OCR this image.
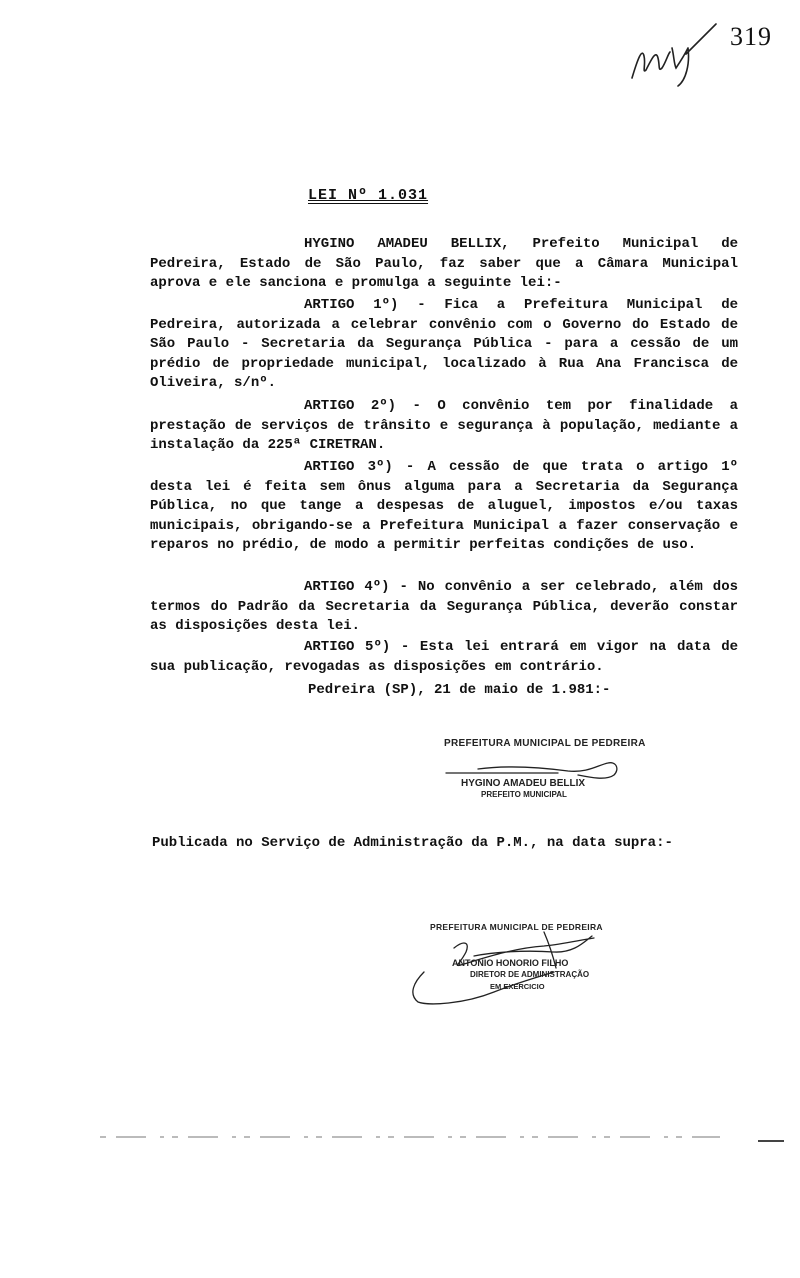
319
LEI Nº 1.031

HYGINO AMADEU BELLIX, Prefeito Municipal de Pedreira, Estado de São Paulo, faz saber que a Câmara Municipal aprova e ele sanciona e promulga a seguinte lei:-

ARTIGO 1º) - Fica a Prefeitura Municipal de Pedreira, autorizada a celebrar convênio com o Governo do Estado de São Paulo - Secretaria da Segurança Pública - para a cessão de um prédio de propriedade municipal, localizado à Rua Ana Francisca de Oliveira, s/nº.

ARTIGO 2º) - O convênio tem por finalidade a prestação de serviços de trânsito e segurança à população, mediante a instalação da 225ª CIRETRAN.

ARTIGO 3º) - A cessão de que trata o artigo 1º desta lei é feita sem ônus alguma para a Secretaria da Segurança Pública, no que tange a despesas de aluguel, impostos e/ou taxas municipais, obrigando-se a Prefeitura Municipal a fazer conservação e reparos no prédio, de modo a permitir perfeitas condições de uso.

ARTIGO 4º) - No convênio a ser celebrado, além dos termos do Padrão da Secretaria da Segurança Pública, deverão constar as disposições desta lei.

ARTIGO 5º) - Esta lei entrará em vigor na data de sua publicação, revogadas as disposições em contrário.

Pedreira (SP), 21 de maio de 1.981:-
PREFEITURA MUNICIPAL DE PEDREIRA
HYGINO AMADEU BELLIX
PREFEITO MUNICIPAL
Publicada no Serviço de Administração da P.M., na data supra:-
PREFEITURA MUNICIPAL DE PEDREIRA
ANTONIO HONORIO FILHO
DIRETOR DE ADMINISTRAÇÃO
EM EXERCICIO
